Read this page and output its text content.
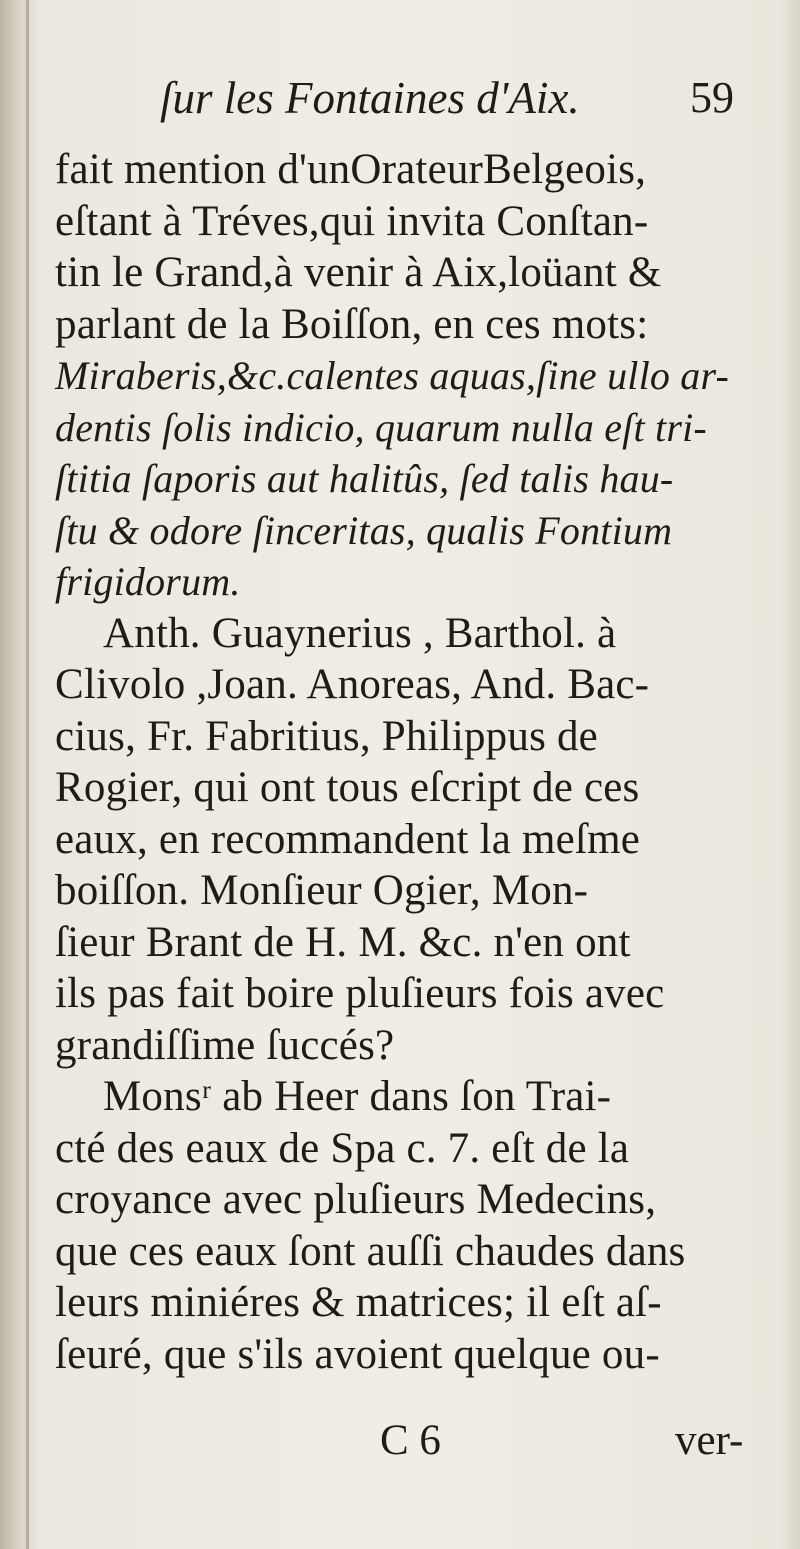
ſur les Fontaines d'Aix.	59
fait mention d'unOrateurBelgeois,
eſtant à Tréves,qui invita Conſtan-
tin le Grand,à venir à Aix,loüant &
parlant de la Boiſſon, en ces mots:
Miraberis,&c.calentes aquas,ſine ullo ar-
dentis ſolis indicio, quarum nulla eſt tri-
ſtitia ſaporis aut halitûs, ſed talis hau-
ſtu & odore ſinceritas, qualis Fontium
frigidorum.
Anth. Guaynerius , Barthol. à
Clivolo ,Joan. Anoreas, And. Bac-
cius, Fr. Fabritius, Philippus de
Rogier, qui ont tous eſcript de ces
eaux, en recommandent la meſme
boiſſon. Monſieur Ogier, Mon-
ſieur Brant de H. M. &c. n'en ont
ils pas fait boire pluſieurs fois avec
grandiſſime ſuccés?
Monsʳ ab Heer dans ſon Trai-
cté des eaux de Spa c. 7. eſt de la
croyance avec pluſieurs Medecins,
que ces eaux ſont auſſi chaudes dans
leurs miniéres & matrices; il eſt aſ-
ſeuré, que s'ils avoient quelque ou-
C 6	ver-
